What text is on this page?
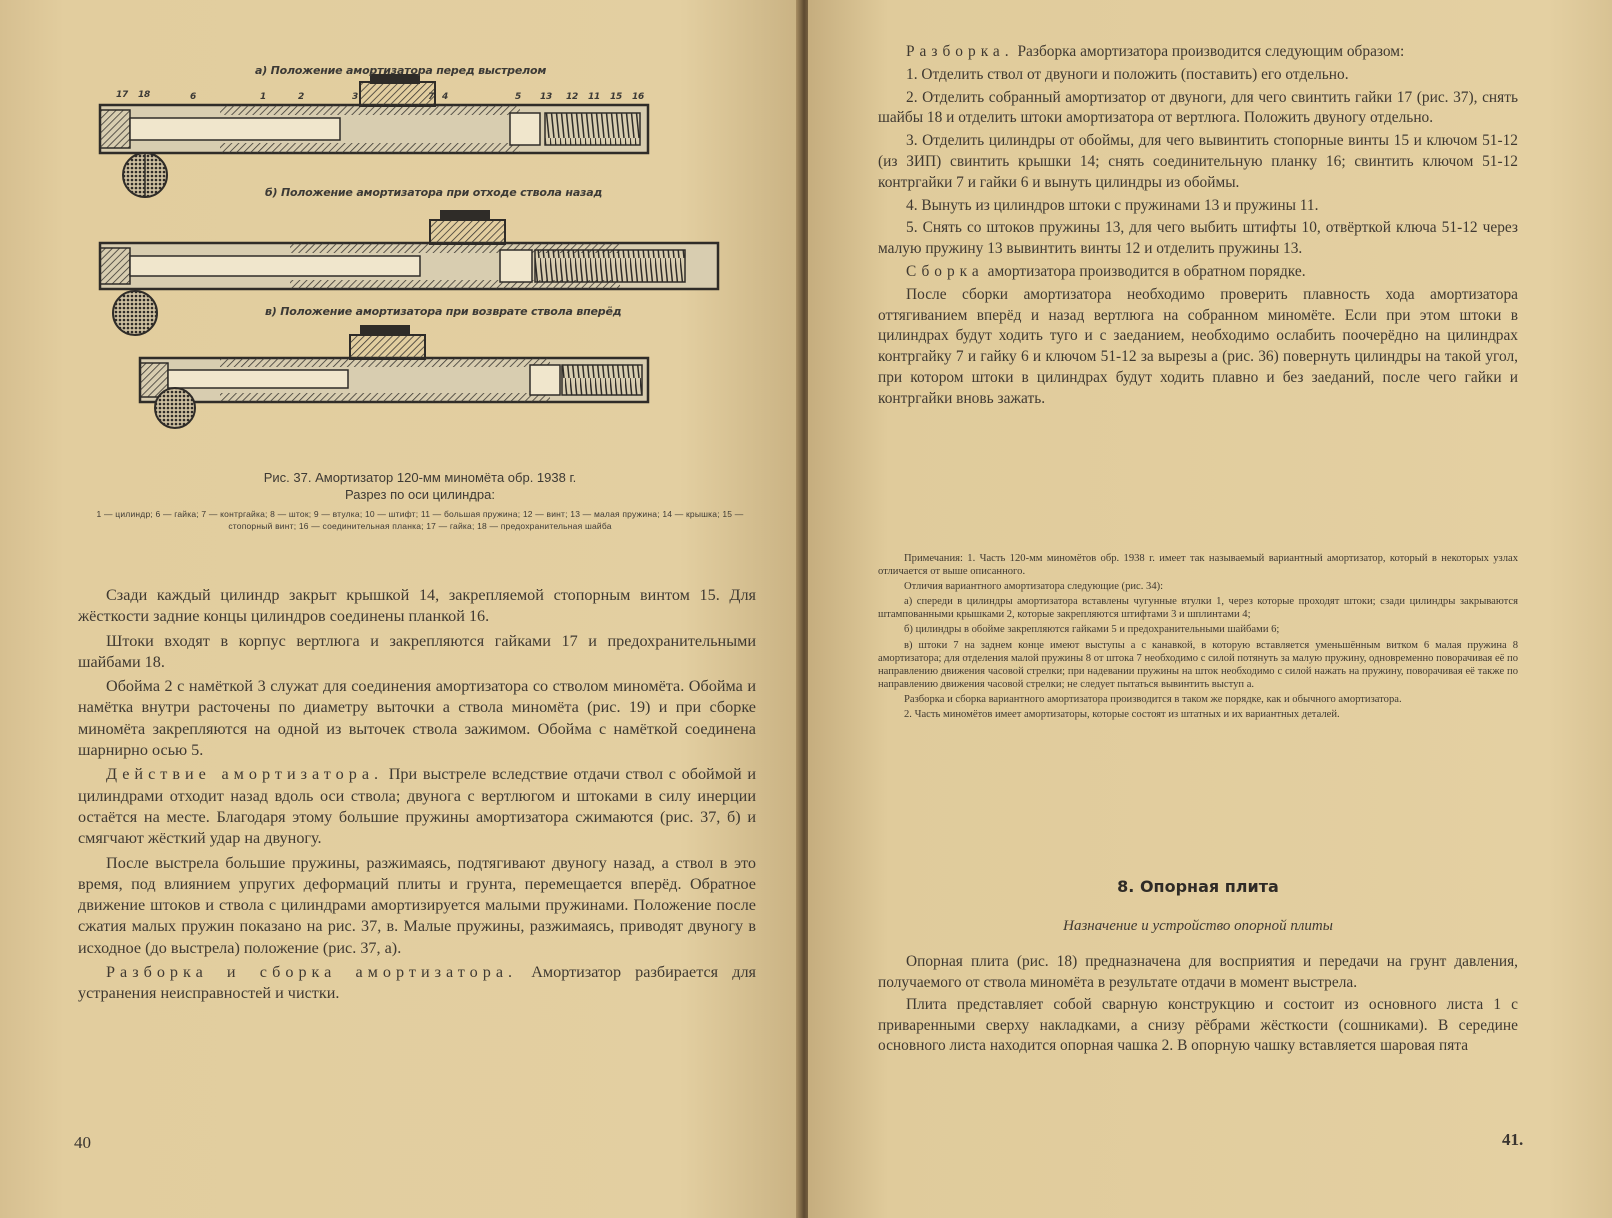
а) Положение амортизатора перед выстрелом
б) Положение амортизатора при отходе ствола назад
в) Положение амортизатора при возврате ствола вперёд
17 18	6	1	2	3	7 4	5 13 12 11 15 16
Рис. 37. Амортизатор 120-мм миномёта обр. 1938 г.
Разрез по оси цилиндра:
1 — цилиндр; 6 — гайка; 7 — контргайка; 8 — шток; 9 — втулка; 10 — штифт; 11 — большая пружина; 12 — винт; 13 — малая пружина; 14 — крышка; 15 — стопорный винт; 16 — соединительная планка; 17 — гайка; 18 — предохранительная шайба

Сзади каждый цилиндр закрыт крышкой 14, закрепляемой стопорным винтом 15. Для жёсткости задние концы цилиндров соединены планкой 16.

Штоки входят в корпус вертлюга и закрепляются гайками 17 и предохранительными шайбами 18.

Обойма 2 с намёткой 3 служат для соединения амортизатора со стволом миномёта. Обойма и намётка внутри расточены по диаметру выточки а ствола миномёта (рис. 19) и при сборке миномёта закрепляются на одной из выточек ствола зажимом. Обойма с намёткой соединена шарнирно осью 5.

Действие амортизатора. При выстреле вследствие отдачи ствол с обоймой и цилиндрами отходит назад вдоль оси ствола; двунога с вертлюгом и штоками в силу инерции остаётся на месте. Благодаря этому большие пружины амортизатора сжимаются (рис. 37, б) и смягчают жёсткий удар на двуногу.

После выстрела большие пружины, разжимаясь, подтягивают двуногу назад, а ствол в это время, под влиянием упругих деформаций плиты и грунта, перемещается вперёд. Обратное движение штоков и ствола с цилиндрами амортизируется малыми пружинами. Положение после сжатия малых пружин показано на рис. 37, в. Малые пружины, разжимаясь, приводят двуногу в исходное (до выстрела) положение (рис. 37, а).

Разборка и сборка амортизатора. Амортизатор разбирается для устранения неисправностей и чистки.

40

Разборка. Разборка амортизатора производится следующим образом:

1. Отделить ствол от двуноги и положить (поставить) его отдельно.

2. Отделить собранный амортизатор от двуноги, для чего свинтить гайки 17 (рис. 37), снять шайбы 18 и отделить штоки амортизатора от вертлюга. Положить двуногу отдельно.

3. Отделить цилиндры от обоймы, для чего вывинтить стопорные винты 15 и ключом 51-12 (из ЗИП) свинтить крышки 14; снять соединительную планку 16; свинтить ключом 51-12 контргайки 7 и гайки 6 и вынуть цилиндры из обоймы.

4. Вынуть из цилиндров штоки с пружинами 13 и пружины 11.

5. Снять со штоков пружины 13, для чего выбить штифты 10, отвёрткой ключа 51-12 через малую пружину 13 вывинтить винты 12 и отделить пружины 13.

Сборка амортизатора производится в обратном порядке.

После сборки амортизатора необходимо проверить плавность хода амортизатора оттягиванием вперёд и назад вертлюга на собранном миномёте. Если при этом штоки в цилиндрах будут ходить туго и с заеданием, необходимо ослабить поочерёдно на цилиндрах контргайку 7 и гайку 6 и ключом 51-12 за вырезы а (рис. 36) повернуть цилиндры на такой угол, при котором штоки в цилиндрах будут ходить плавно и без заеданий, после чего гайки и контргайки вновь зажать.

Примечания: 1. Часть 120-мм миномётов обр. 1938 г. имеет так называемый вариантный амортизатор, который в некоторых узлах отличается от выше описанного.

Отличия вариантного амортизатора следующие (рис. 34):

а) спереди в цилиндры амортизатора вставлены чугунные втулки 1, через которые проходят штоки; сзади цилиндры закрываются штампованными крышками 2, которые закрепляются штифтами 3 и шплинтами 4;

б) цилиндры в обойме закрепляются гайками 5 и предохранительными шайбами 6;

в) штоки 7 на заднем конце имеют выступы а с канавкой, в которую вставляется уменьшённым витком 6 малая пружина 8 амортизатора; для отделения малой пружины 8 от штока 7 необходимо с силой потянуть за малую пружину, одновременно поворачивая её по направлению движения часовой стрелки; при надевании пружины на шток необходимо с силой нажать на пружину, поворачивая её также по направлению движения часовой стрелки; не следует пытаться вывинтить выступ а.

Разборка и сборка вариантного амортизатора производится в таком же порядке, как и обычного амортизатора.

2. Часть миномётов имеет амортизаторы, которые состоят из штатных и их вариантных деталей.

8. Опорная плита
Назначение и устройство опорной плиты

Опорная плита (рис. 18) предназначена для восприятия и передачи на грунт давления, получаемого от ствола миномёта в результате отдачи в момент выстрела.

Плита представляет собой сварную конструкцию и состоит из основного листа 1 с приваренными сверху накладками, а снизу рёбрами жёсткости (сошниками). В середине основного листа находится опорная чашка 2. В опорную чашку вставляется шаровая пята

41.
